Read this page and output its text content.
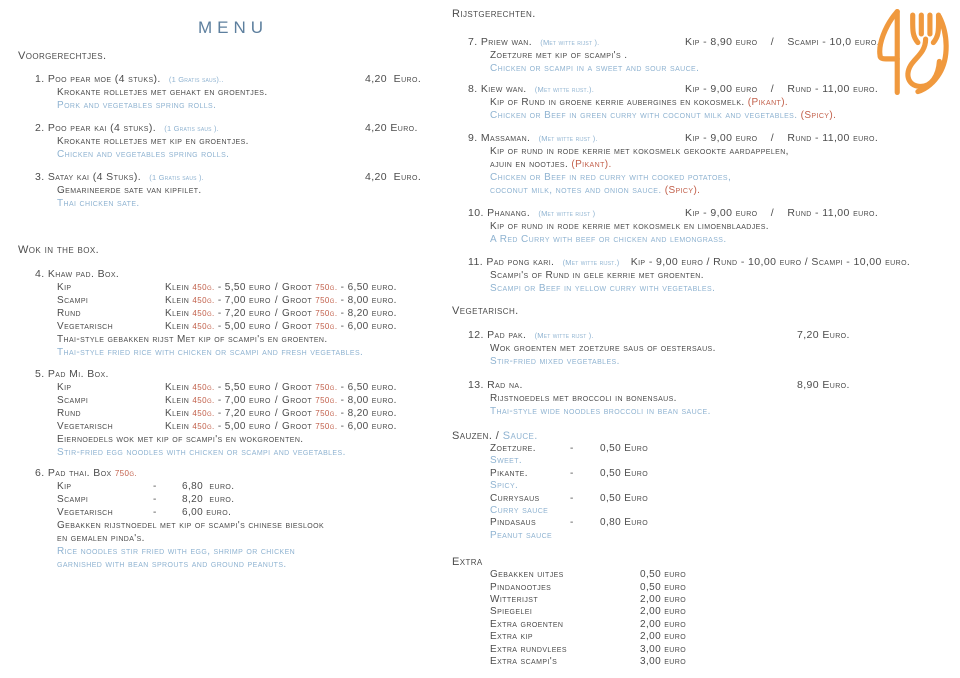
MENU
Voorgerechtjes.
1. Poo pear moe (4 stuks). (1 Gratis saus)..	4,20  Euro.
Krokante rolletjes met gehakt en groentjes.
Pork and vegetables spring rolls.
2. Poo pear kai (4 stuks). (1 Gratis saus ).	4,20 Euro.
Krokante rolletjes met kip en groentjes.
Chicken and vegetables spring rolls.
3. Satay kai (4 Stuks). (1 Gratis saus ).	4,20  Euro.
Gemarineerde sate van kipfilet.
Thai chicken sate.
Wok in the box.
4. Khaw pad. Box.
Kip	Klein 450g. - 5,50 euro / Groot 750g. - 6,50 euro.
Scampi	Klein 450g. - 7,00 euro / Groot 750g. - 8,00 euro.
Rund	Klein 450g. - 7,20 euro / Groot 750g. - 8,20 euro.
Vegetarisch	Klein 450g. - 5,00 euro / Groot 750g. - 6,00 euro.
Thai-style gebakken rijst Met kip of scampi's en groenten.
Thai-style fried rice with chicken or scampi and fresh vegetables.
5. Pad Mi. Box.
Kip	Klein 450g. - 5,50 euro / Groot 750g. - 6,50 euro.
Scampi	Klein 450g. - 7,00 euro / Groot 750g. - 8,00 euro.
Rund	Klein 450g. - 7,20 euro / Groot 750g. - 8,20 euro.
Vegetarisch	Klein 450g. - 5,00 euro / Groot 750g. - 6,00 euro.
Eiernoedels wok met kip of scampi's en wokgroenten.
Stir-fried egg noodles with chicken or scampi and vegetables.
6. Pad thai. Box 750g.
Kip	-	6,80  euro.
Scampi	-	8,20  euro.
Vegetarisch	-	6,00 euro.
Gebakken rijstnoedel met kip of scampi's chinese bieslook
en gemalen pinda's.
Rice noodles stir fried with egg, shrimp or chicken
garnished with bean sprouts and ground peanuts.
Rijstgerechten.
7. Priew wan. (Met witte rijst ).	Kip - 8,90 euro    /    Scampi - 10,0 euro.
Zoetzure met kip of scampi's .
Chicken or scampi in a sweet and sour sauce.
8. Kiew wan. (Met witte rijst.).	Kip - 9,00 euro    /    Rund - 11,00 euro.
Kip of Rund in groene kerrie aubergines en kokosmelk. (Pikant).
Chicken or Beef in green curry with coconut milk and vegetables. (Spicy).
9. Massaman. (Met witte rijst ).	Kip - 9,00 euro    /    Rund - 11,00 euro.
Kip of rund in rode kerrie met kokosmelk gekookte aardappelen,
ajuin en nootjes. (Pikant).
Chicken or Beef in red curry with cooked potatoes,
coconut milk, notes and onion sauce. (Spicy).
10. Phanang. (Met witte rijst )	Kip - 9,00 euro    /    Rund - 11,00 euro.
Kip of rund in rode kerrie met kokosmelk en limoenblaadjes.
A Red Curry with beef or chicken and lemongrass.
11. Pad pong kari. (Met witte rijst.) Kip - 9,00 euro / Rund - 10,00 euro / Scampi - 10,00 euro.
Scampi's of Rund in gele kerrie met groenten.
Scampi or Beef in yellow curry with vegetables.
Vegetarisch.
12. Pad pak. (Met witte rijst ).	7,20 Euro.
Wok groenten met zoetzure saus of oestersaus.
Stir-fried mixed vegetables.
13. Rad na.	8,90 Euro.
Rijstnoedels met broccoli in bonensaus.
Thai-style wide noodles broccoli in bean sauce.
Sauzen. / Sauce.
Zoetzure.	-	0,50 Euro
Sweet.
Pikante.	-	0,50 Euro
Spicy.
Currysaus	-	0,50 Euro
Curry sauce
Pindasaus	-	0,80 Euro
Peanut sauce
Extra
Gebakken uitjes	0,50 euro
Pindanootjes	0,50 euro
Witterijst	2,00 euro
Spiegelei	2,00 euro
Extra groenten	2,00 euro
Extra kip	2,00 euro
Extra rundvlees	3,00 euro
Extra scampi's	3,00 euro
